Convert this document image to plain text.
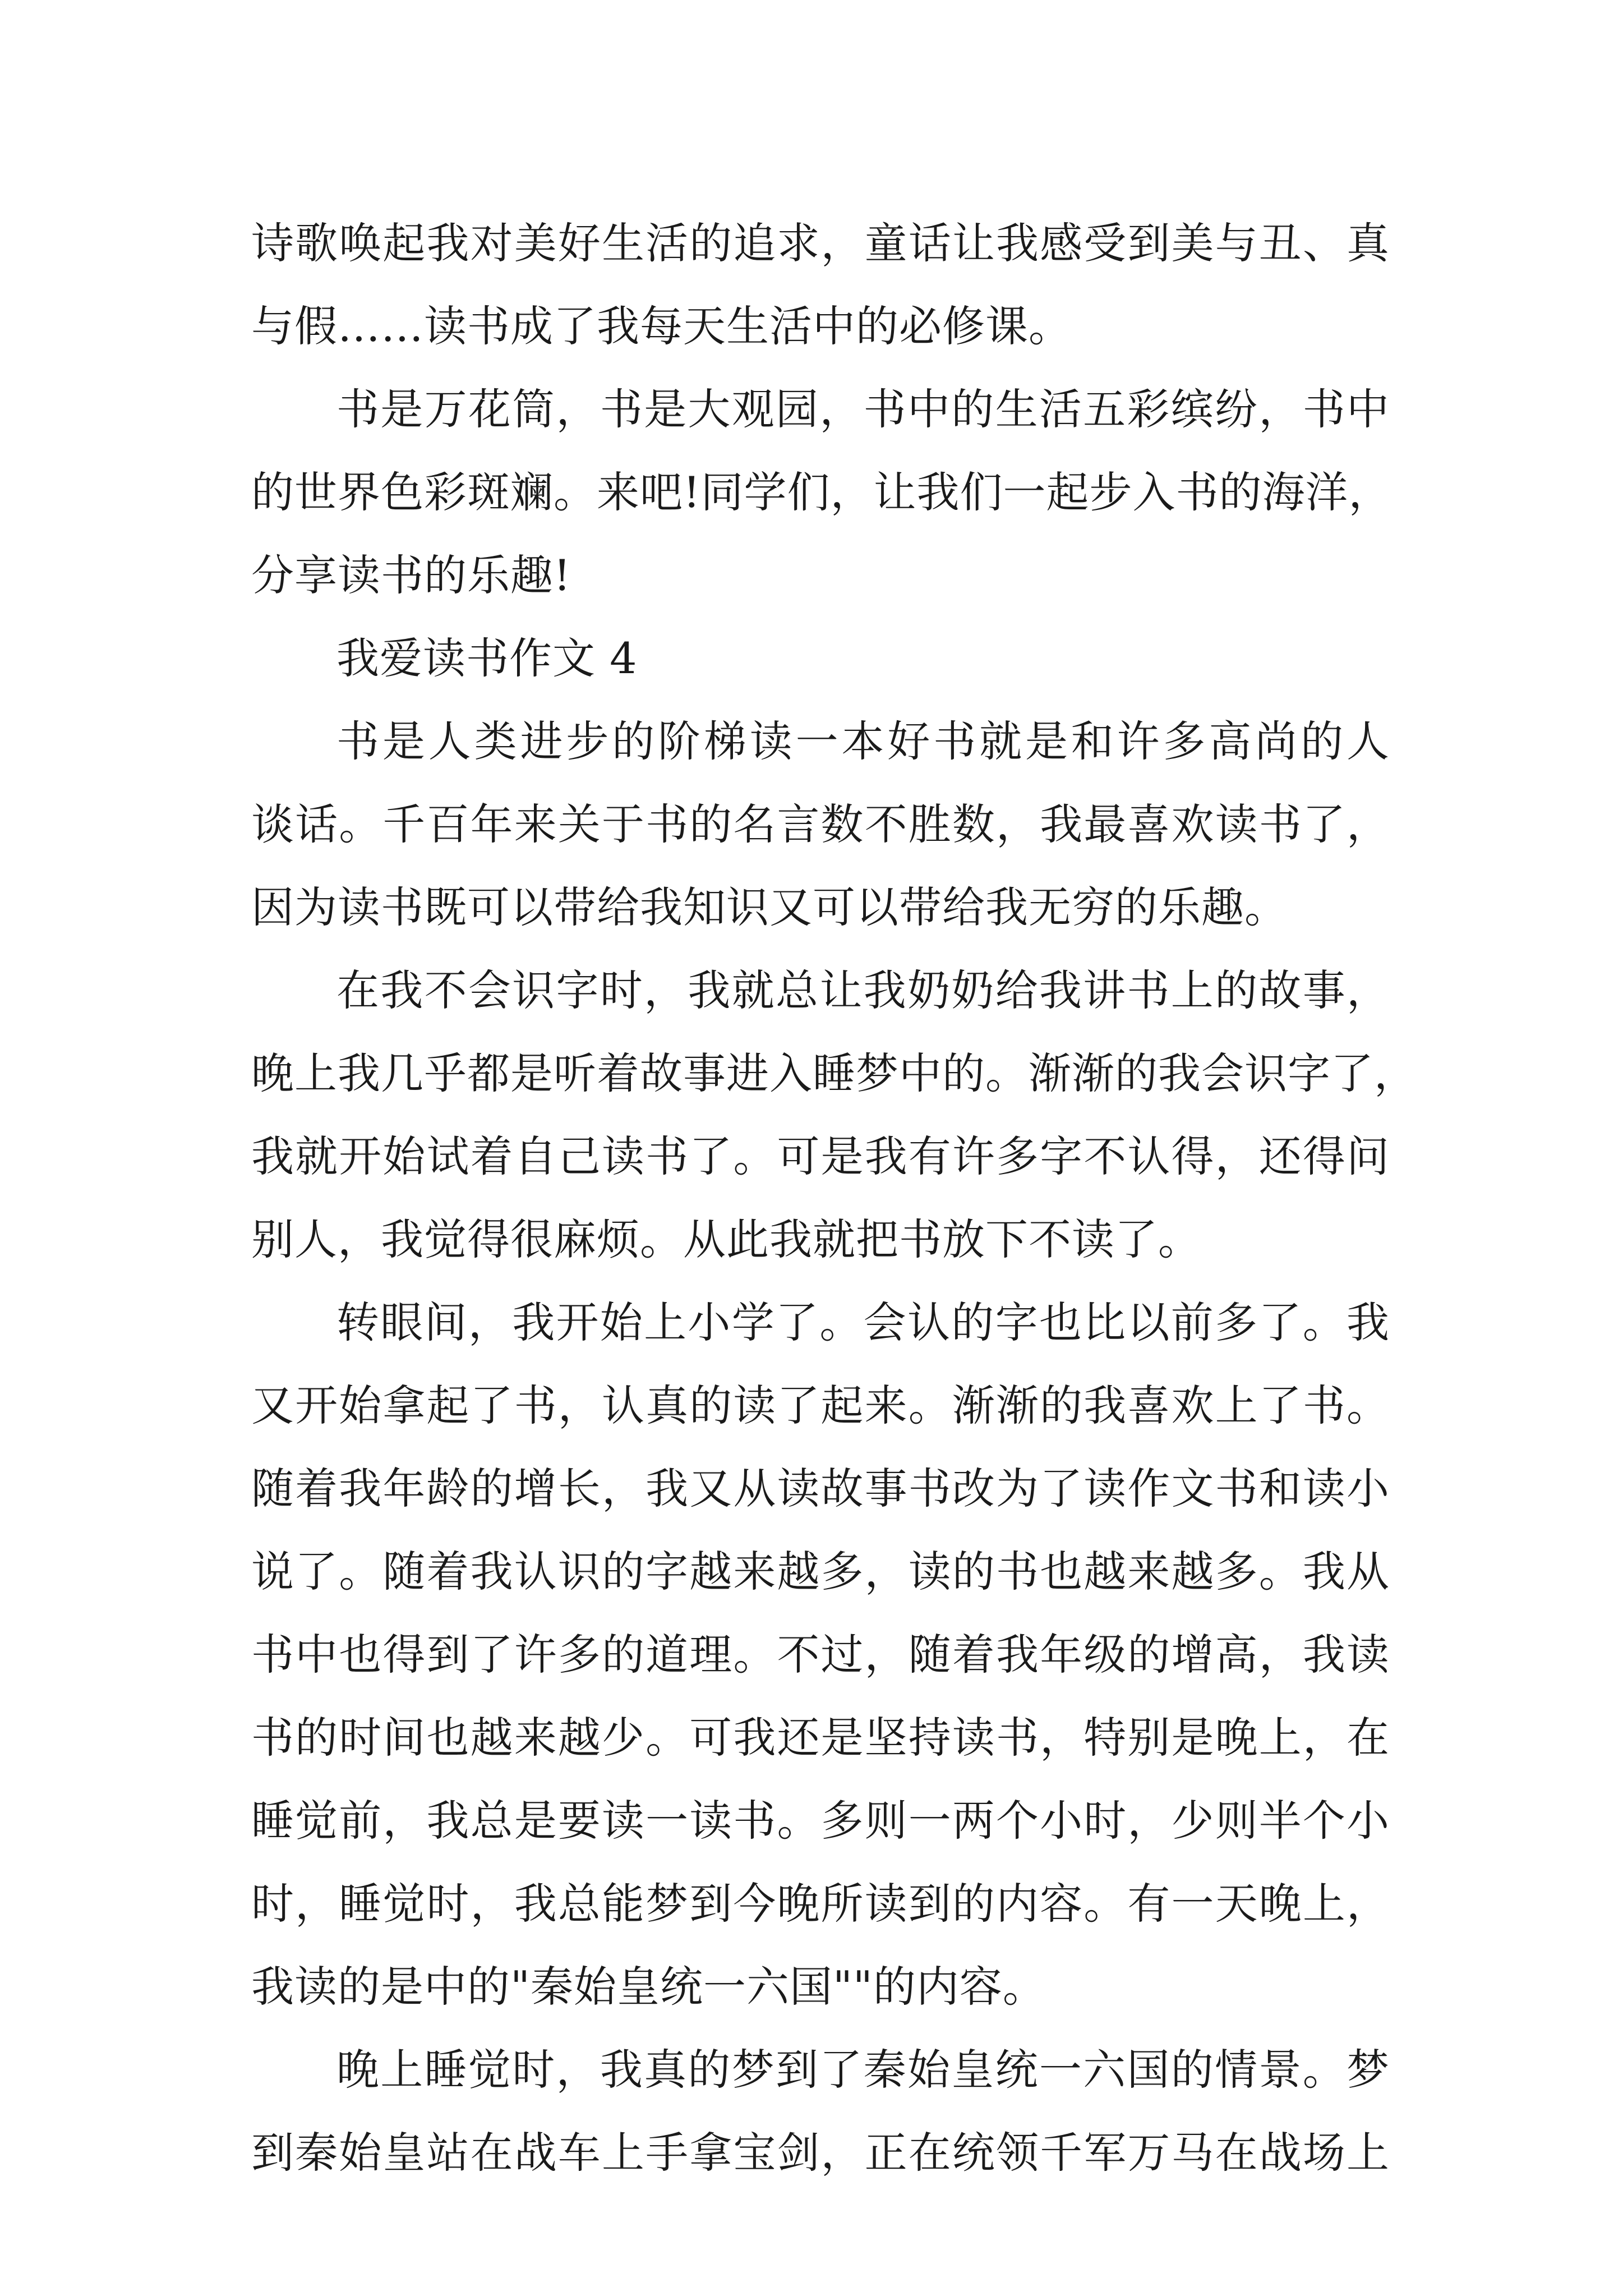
诗歌唤起我对美好生活的追求，童话让我感受到美与丑、真
与假……读书成了我每天生活中的必修课。
书是万花筒，书是大观园，书中的生活五彩缤纷，书中
的世界色彩斑斓。来吧!同学们，让我们一起步入书的海洋，
分享读书的乐趣!
我爱读书作文 4
书是人类进步的阶梯读一本好书就是和许多高尚的人
谈话。千百年来关于书的名言数不胜数，我最喜欢读书了，
因为读书既可以带给我知识又可以带给我无穷的乐趣。
在我不会识字时，我就总让我奶奶给我讲书上的故事，
晚上我几乎都是听着故事进入睡梦中的。渐渐的我会识字了，
我就开始试着自己读书了。可是我有许多字不认得，还得问
别人，我觉得很麻烦。从此我就把书放下不读了。
转眼间，我开始上小学了。会认的字也比以前多了。我
又开始拿起了书，认真的读了起来。渐渐的我喜欢上了书。
随着我年龄的增长，我又从读故事书改为了读作文书和读小
说了。随着我认识的字越来越多，读的书也越来越多。我从
书中也得到了许多的道理。不过，随着我年级的增高，我读
书的时间也越来越少。可我还是坚持读书，特别是晚上，在
睡觉前，我总是要读一读书。多则一两个小时，少则半个小
时，睡觉时，我总能梦到今晚所读到的内容。有一天晚上，
我读的是中的"秦始皇统一六国""的内容。
晚上睡觉时，我真的梦到了秦始皇统一六国的情景。梦
到秦始皇站在战车上手拿宝剑，正在统领千军万马在战场上
